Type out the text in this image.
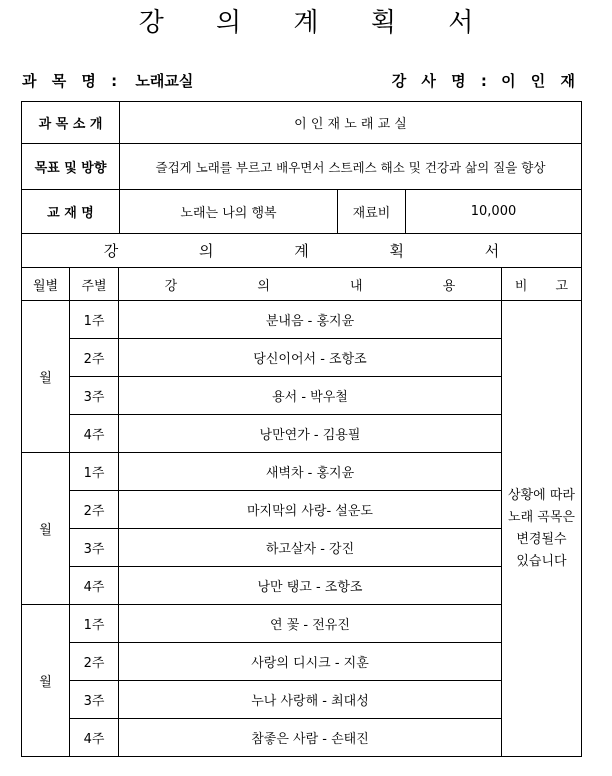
강 의 계 획 서
과 목 명 : 노래교실	강 사 명 : 이 인 재
과 목 소 개	이 인 재 노 래 교 실		
목표 및 방향	즐겁게 노래를 부르고 배우면서 스트레스 해소 및 건강과 삶의 질을 향상		
교 재 명	노래는 나의 행복	재료비	10,000
강 의 계 획 서			
월별	주별	강 의 내 용	비 고
월	1주	분내음 - 홍지윤	상황에 따라
노래 곡목은
변경될수
있습니다

	2주	당신이어서 - 조항조	
	3주	용서 - 박우철	
	4주	낭만연가 - 김용필	
월	1주	새벽차 - 홍지윤	
	2주	마지막의 사랑- 설운도	
	3주	하고살자 - 강진	
	4주	낭만 탱고 - 조항조	
월	1주	연 꽃 - 전유진	
	2주	사랑의 디시크 - 지훈	
	3주	누나 사랑해 - 최대성	
	4주	참좋은 사람 - 손태진	
